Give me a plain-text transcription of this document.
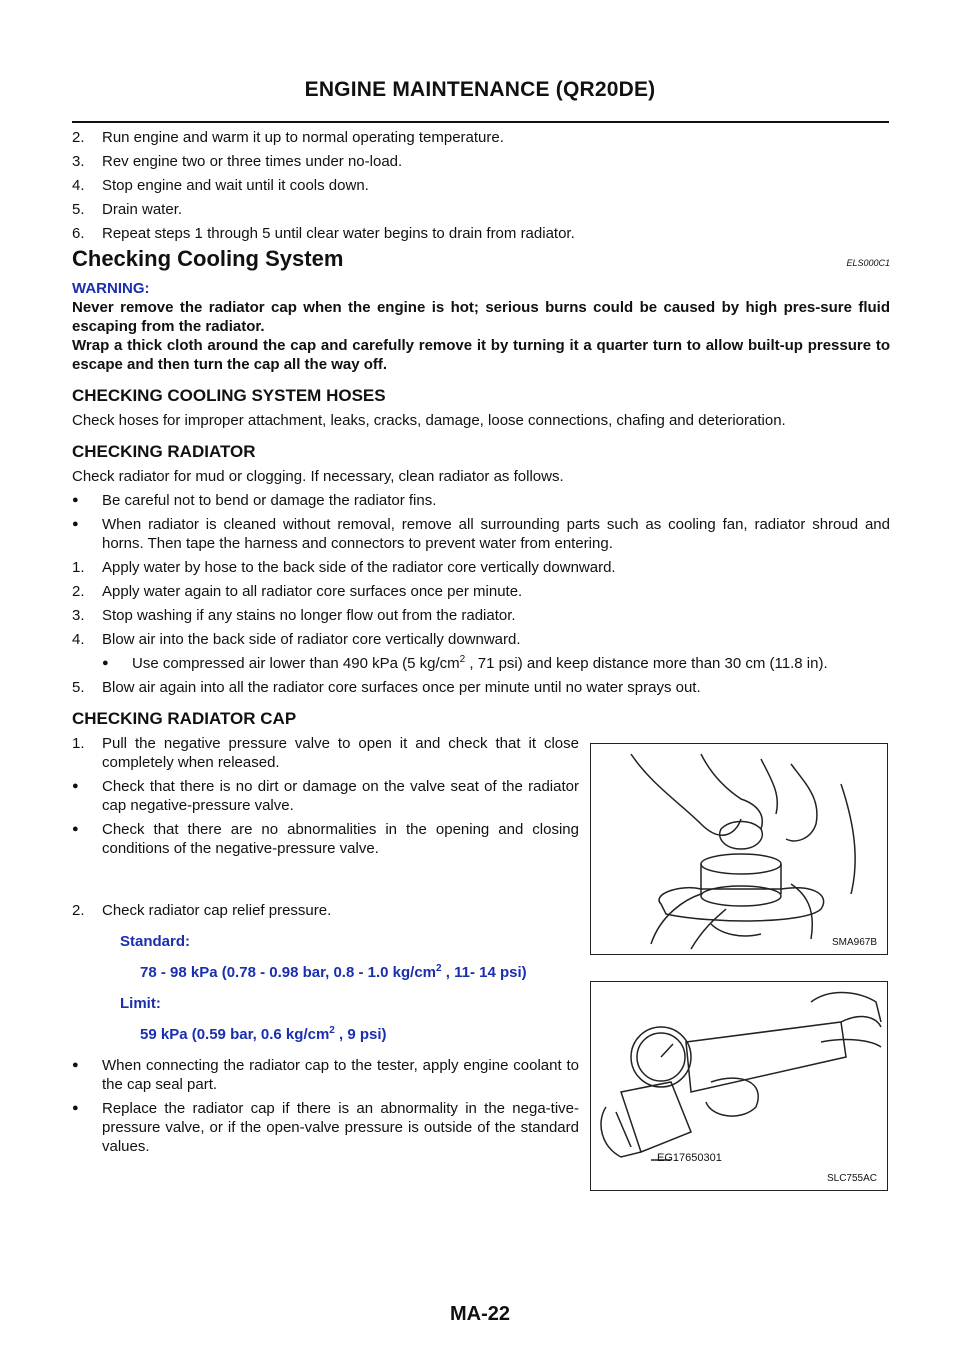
ENGINE MAINTENANCE (QR20DE)
2.	Run engine and warm it up to normal operating temperature.
3.	Rev engine two or three times under no-load.
4.	Stop engine and wait until it cools down.
5.	Drain water.
6.	Repeat steps 1 through 5 until clear water begins to drain from radiator.
Checking Cooling System	ELS000C1

WARNING:

Never remove the radiator cap when the engine is hot; serious burns could be caused by high pres-sure fluid escaping from the radiator.

Wrap a thick cloth around the cap and carefully remove it by turning it a quarter turn to allow built-up pressure to escape and then turn the cap all the way off.

CHECKING COOLING SYSTEM HOSES

Check hoses for improper attachment, leaks, cracks, damage, loose connections, chafing and deterioration.

CHECKING RADIATOR

Check radiator for mud or clogging. If necessary, clean radiator as follows.

●	Be careful not to bend or damage the radiator fins.
●	When radiator is cleaned without removal, remove all surrounding parts such as cooling fan, radiator shroud and horns. Then tape the harness and connectors to prevent water from entering.
1.	Apply water by hose to the back side of the radiator core vertically downward.
2.	Apply water again to all radiator core surfaces once per minute.
3.	Stop washing if any stains no longer flow out from the radiator.
4.	Blow air into the back side of radiator core vertically downward.
●	Use compressed air lower than 490 kPa (5 $kg/cm^2$ , 71 psi) and keep distance more than 30 cm (11.8 in).
5.	Blow air again into all the radiator core surfaces once per minute until no water sprays out.
CHECKING RADIATOR CAP
1.	Pull the negative pressure valve to open it and check that it close completely when released.
●	Check that there is no dirt or damage on the valve seat of the radiator cap negative-pressure valve.
●	Check that there are no abnormalities in the opening and closing conditions of the negative-pressure valve.
2.	Check radiator cap relief pressure.
Standard:
78 - 98 kPa (0.78 - 0.98 bar, 0.8 - 1.0 $kg/cm^2$ , 11- 14 psi)
Limit:
59 kPa (0.59 bar, 0.6 $kg/cm^2$ , 9 psi)
●	When connecting the radiator cap to the tester, apply engine coolant to the cap seal part.
●	Replace the radiator cap if there is an abnormality in the nega-tive-pressure valve, or if the open-valve pressure is outside of the standard values.
SMA967B
EG17650301
SLC755AC
MA-22
